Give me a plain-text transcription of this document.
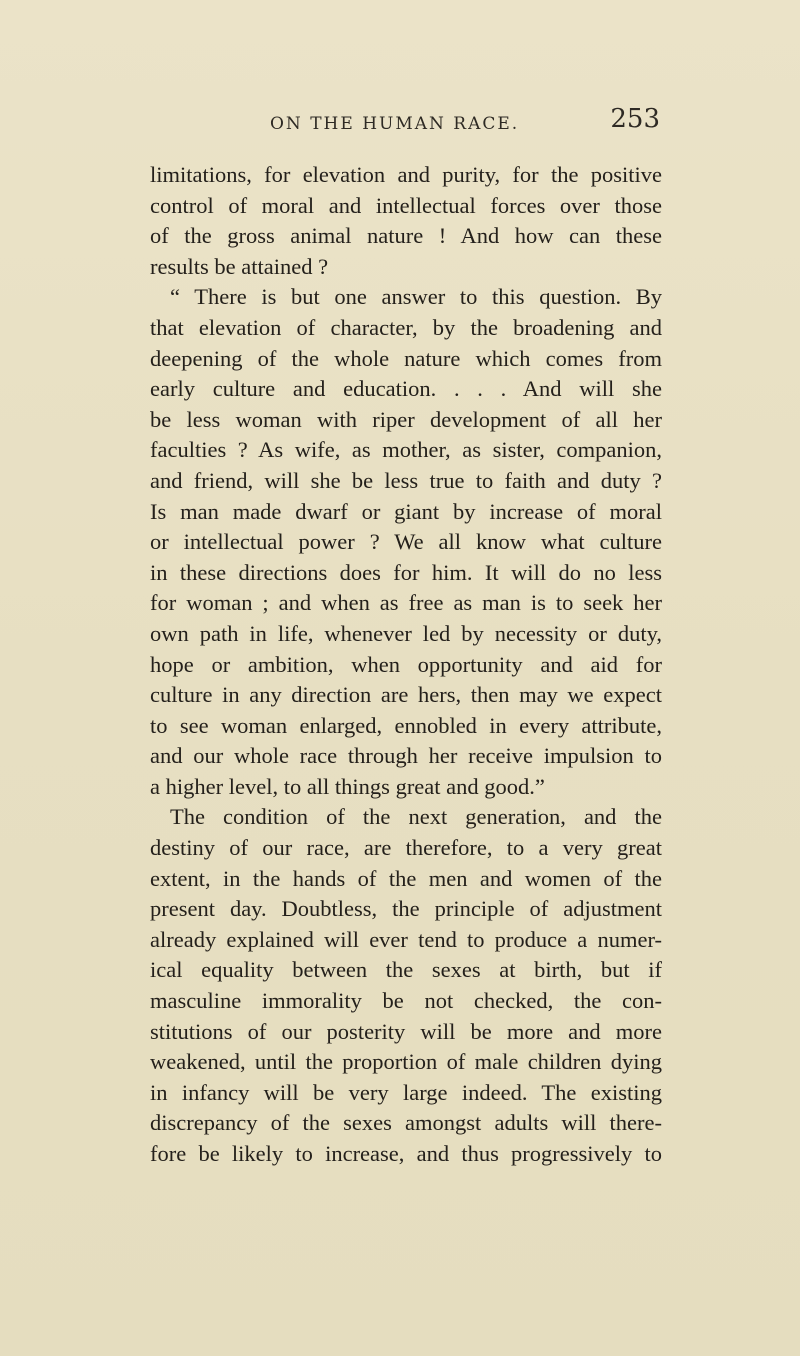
ON THE HUMAN RACE.	253
limitations, for elevation and purity, for the positive
control of moral and intellectual forces over those
of the gross animal nature ! And how can these
results be attained ?
“ There is but one answer to this question. By
that elevation of character, by the broadening and
deepening of the whole nature which comes from
early culture and education. . . . And will she
be less woman with riper development of all her
faculties ? As wife, as mother, as sister, companion,
and friend, will she be less true to faith and duty ?
Is man made dwarf or giant by increase of moral
or intellectual power ? We all know what culture
in these directions does for him. It will do no less
for woman ; and when as free as man is to seek her
own path in life, whenever led by necessity or duty,
hope or ambition, when opportunity and aid for
culture in any direction are hers, then may we expect
to see woman enlarged, ennobled in every attribute,
and our whole race through her receive impulsion to
a higher level, to all things great and good.”
The condition of the next generation, and the
destiny of our race, are therefore, to a very great
extent, in the hands of the men and women of the
present day. Doubtless, the principle of adjustment
already explained will ever tend to produce a numer-
ical equality between the sexes at birth, but if
masculine immorality be not checked, the con-
stitutions of our posterity will be more and more
weakened, until the proportion of male children dying
in infancy will be very large indeed. The existing
discrepancy of the sexes amongst adults will there-
fore be likely to increase, and thus progressively to
